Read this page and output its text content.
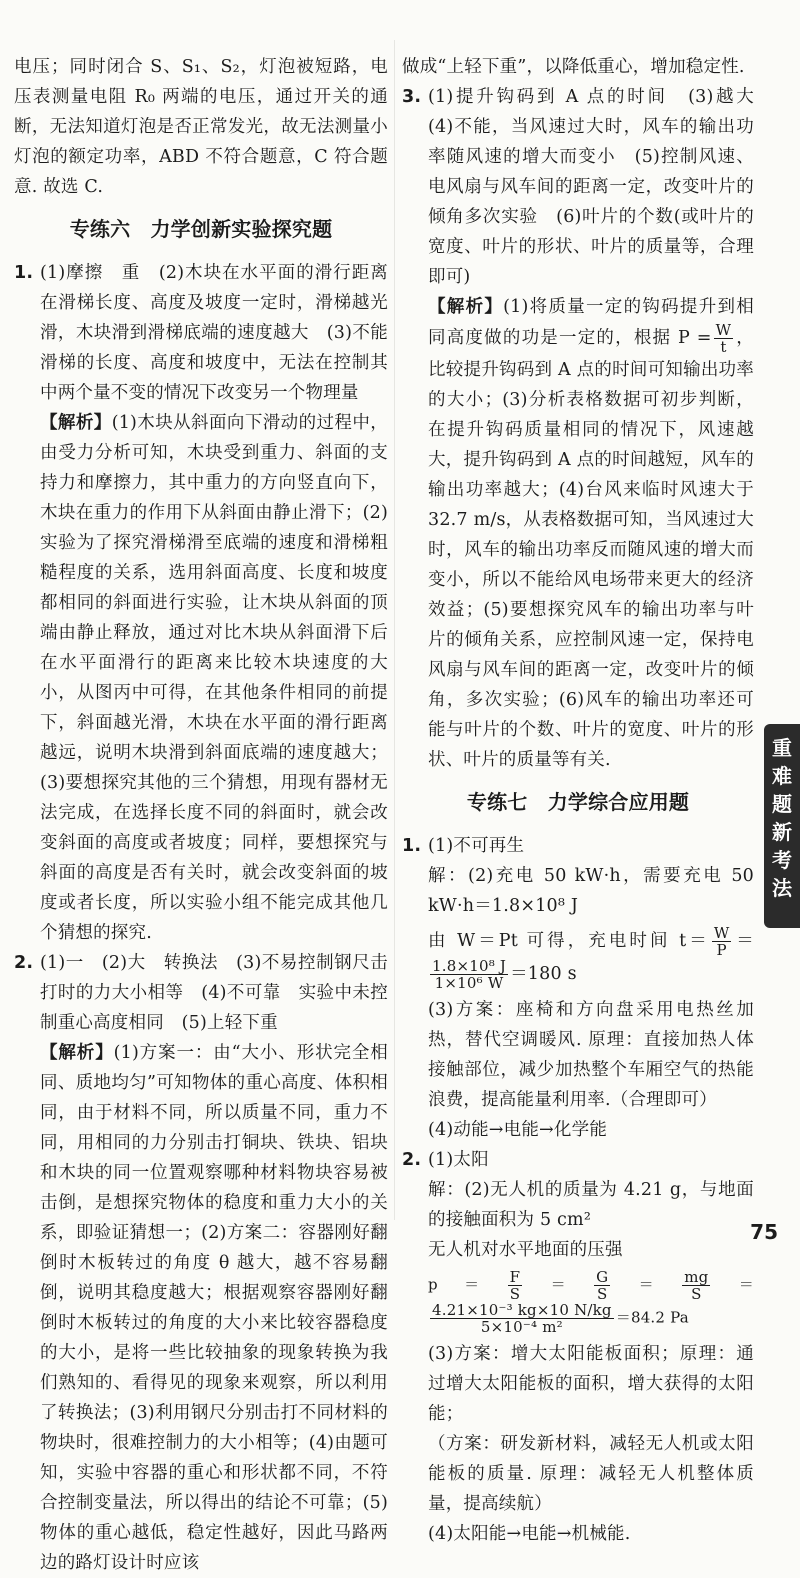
电压；同时闭合 S、S₁、S₂，灯泡被短路，电压表测量电阻 R₀ 两端的电压，通过开关的通断，无法知道灯泡是否正常发光，故无法测量小灯泡的额定功率，ABD 不符合题意，C 符合题意. 故选 C.

专练六　力学创新实验探究题

1. (1)摩擦　重　(2)木块在水平面的滑行距离　在滑梯长度、高度及坡度一定时，滑梯越光滑，木块滑到滑梯底端的速度越大　(3)不能　滑梯的长度、高度和坡度中，无法在控制其中两个量不变的情况下改变另一个物理量

【解析】(1)木块从斜面向下滑动的过程中，由受力分析可知，木块受到重力、斜面的支持力和摩擦力，其中重力的方向竖直向下，木块在重力的作用下从斜面由静止滑下；(2)实验为了探究滑梯滑至底端的速度和滑梯粗糙程度的关系，选用斜面高度、长度和坡度都相同的斜面进行实验，让木块从斜面的顶端由静止释放，通过对比木块从斜面滑下后在水平面滑行的距离来比较木块速度的大小，从图丙中可得，在其他条件相同的前提下，斜面越光滑，木块在水平面的滑行距离越远，说明木块滑到斜面底端的速度越大；(3)要想探究其他的三个猜想，用现有器材无法完成，在选择长度不同的斜面时，就会改变斜面的高度或者坡度；同样，要想探究与斜面的高度是否有关时，就会改变斜面的坡度或者长度，所以实验小组不能完成其他几个猜想的探究.

2. (1)一　(2)大　转换法　(3)不易控制钢尺击打时的力大小相等　(4)不可靠　实验中未控制重心高度相同　(5)上轻下重

【解析】(1)方案一：由“大小、形状完全相同、质地均匀”可知物体的重心高度、体积相同，由于材料不同，所以质量不同，重力不同，用相同的力分别击打铜块、铁块、铝块和木块的同一位置观察哪种材料物块容易被击倒，是想探究物体的稳度和重力大小的关系，即验证猜想一；(2)方案二：容器刚好翻倒时木板转过的角度 θ 越大，越不容易翻倒，说明其稳度越大；根据观察容器刚好翻倒时木板转过的角度的大小来比较容器稳度的大小，是将一些比较抽象的现象转换为我们熟知的、看得见的现象来观察，所以利用了转换法；(3)利用钢尺分别击打不同材料的物块时，很难控制力的大小相等；(4)由题可知，实验中容器的重心和形状都不同，不符合控制变量法，所以得出的结论不可靠；(5)物体的重心越低，稳定性越好，因此马路两边的路灯设计时应该

做成“上轻下重”，以降低重心，增加稳定性.

3. (1)提升钩码到 A 点的时间　(3)越大　(4)不能，当风速过大时，风车的输出功率随风速的增大而变小　(5)控制风速、电风扇与风车间的距离一定，改变叶片的倾角多次实验　(6)叶片的个数(或叶片的宽度、叶片的形状、叶片的质量等，合理即可)

【解析】(1)将质量一定的钩码提升到相同高度做的功是一定的，根据 $P = \frac{W}{t}$ ，比较提升钩码到 A 点的时间可知输出功率的大小；(3)分析表格数据可初步判断，在提升钩码质量相同的情况下，风速越大，提升钩码到 A 点的时间越短，风车的输出功率越大；(4)台风来临时风速大于 32.7 m/s，从表格数据可知，当风速过大时，风车的输出功率反而随风速的增大而变小，所以不能给风电场带来更大的经济效益；(5)要想探究风车的输出功率与叶片的倾角关系，应控制风速一定，保持电风扇与风车间的距离一定，改变叶片的倾角，多次实验；(6)风车的输出功率还可能与叶片的个数、叶片的宽度、叶片的形状、叶片的质量等有关.

专练七　力学综合应用题

1. (1)不可再生

解：(2)充电 50 kW·h，需要充电 50 kW·h＝1.8×10⁸ J

由 W＝Pt 可得，充电时间 $t= \frac{W}{P}$ ＝
$\frac{\text{1.8×10⁸ J}}{\text{1×10⁶ W}} =180$ s

(3)方案：座椅和方向盘采用电热丝加热，替代空调暖风. 原理：直接加热人体接触部位，减少加热整个车厢空气的热能浪费，提高能量利用率.（合理即可）

(4)动能→电能→化学能

2. (1)太阳

解：(2)无人机的质量为 4.21 g，与地面的接触面积为 5 cm²

无人机对水平地面的压强

$p= \frac{F}{S} = \frac{G}{S} = \frac{mg}{S}$ ＝
$\frac{\text{4.21×10⁻³ kg×10 N/kg}}{\text{5×10⁻⁴ m²}} =84.2$ Pa

(3)方案：增大太阳能板面积；原理：通过增大太阳能板的面积，增大获得的太阳能；

（方案：研发新材料，减轻无人机或太阳能板的质量. 原理：减轻无人机整体质量，提高续航）

(4)太阳能→电能→机械能.

重
难
题
新
考
法
75
